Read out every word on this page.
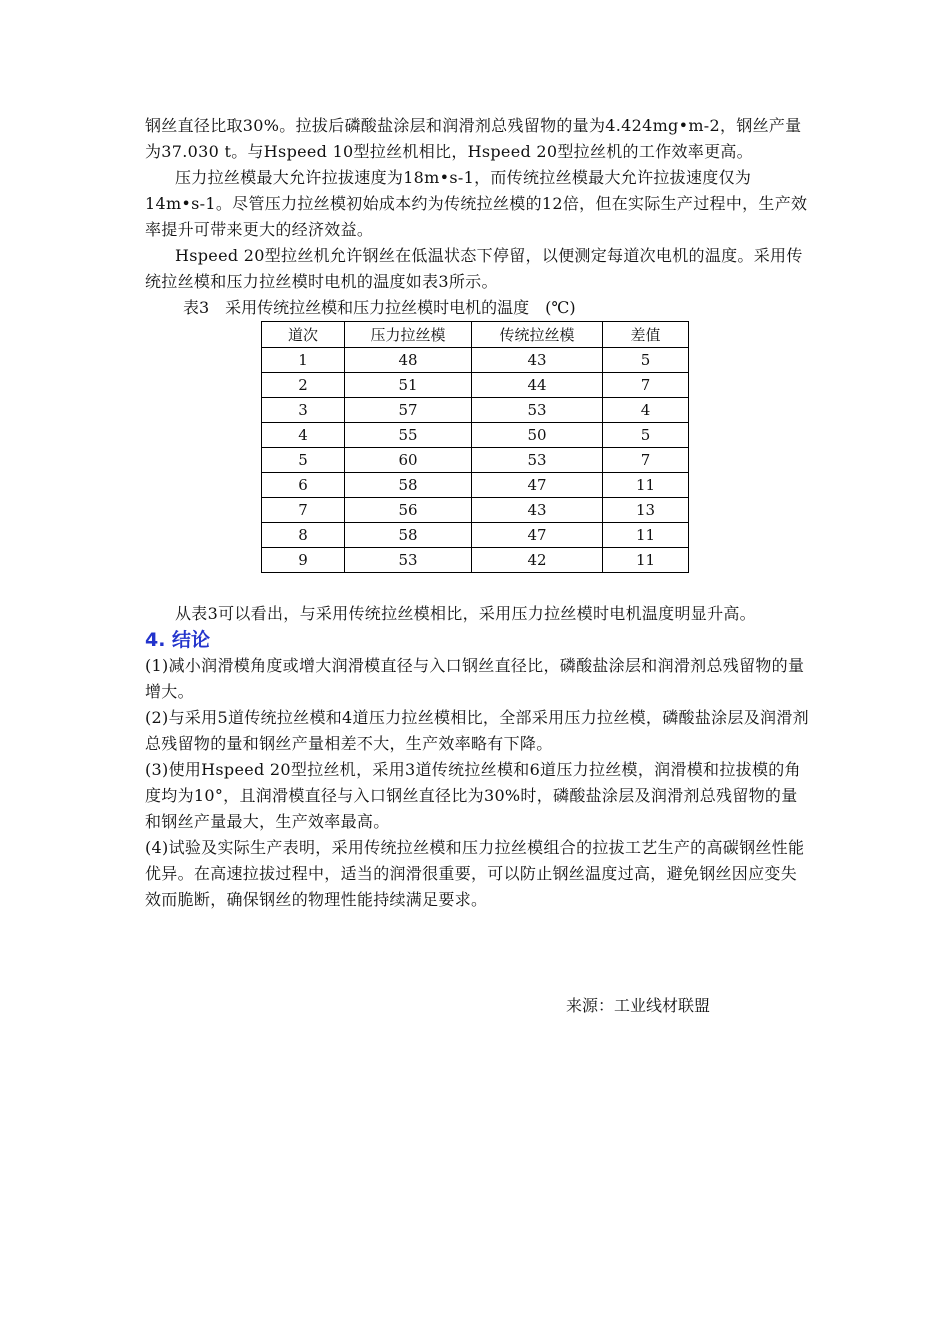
钢丝直径比取30%。拉拔后磷酸盐涂层和润滑剂总残留物的量为4.424mg•m-2，钢丝产量为37.030 t。与Hspeed 10型拉丝机相比，Hspeed 20型拉丝机的工作效率更高。

压力拉丝模最大允许拉拔速度为18m•s-1，而传统拉丝模最大允许拉拔速度仅为14m•s-1。尽管压力拉丝模初始成本约为传统拉丝模的12倍，但在实际生产过程中，生产效率提升可带来更大的经济效益。

Hspeed 20型拉丝机允许钢丝在低温状态下停留，以便测定每道次电机的温度。采用传统拉丝模和压力拉丝模时电机的温度如表3所示。

表3　采用传统拉丝模和压力拉丝模时电机的温度　(℃)
道次	压力拉丝模	传统拉丝模	差值
1	48	43	5
2	51	44	7
3	57	53	4
4	55	50	5
5	60	53	7
6	58	47	11
7	56	43	13
8	58	47	11
9	53	42	11

从表3可以看出，与采用传统拉丝模相比，采用压力拉丝模时电机温度明显升高。

4. 结论

(1)减小润滑模角度或增大润滑模直径与入口钢丝直径比，磷酸盐涂层和润滑剂总残留物的量增大。

(2)与采用5道传统拉丝模和4道压力拉丝模相比，全部采用压力拉丝模，磷酸盐涂层及润滑剂总残留物的量和钢丝产量相差不大，生产效率略有下降。

(3)使用Hspeed 20型拉丝机，采用3道传统拉丝模和6道压力拉丝模，润滑模和拉拔模的角度均为10°，且润滑模直径与入口钢丝直径比为30%时，磷酸盐涂层及润滑剂总残留物的量和钢丝产量最大，生产效率最高。

(4)试验及实际生产表明，采用传统拉丝模和压力拉丝模组合的拉拔工艺生产的高碳钢丝性能优异。在高速拉拔过程中，适当的润滑很重要，可以防止钢丝温度过高，避免钢丝因应变失效而脆断，确保钢丝的物理性能持续满足要求。

来源：工业线材联盟
